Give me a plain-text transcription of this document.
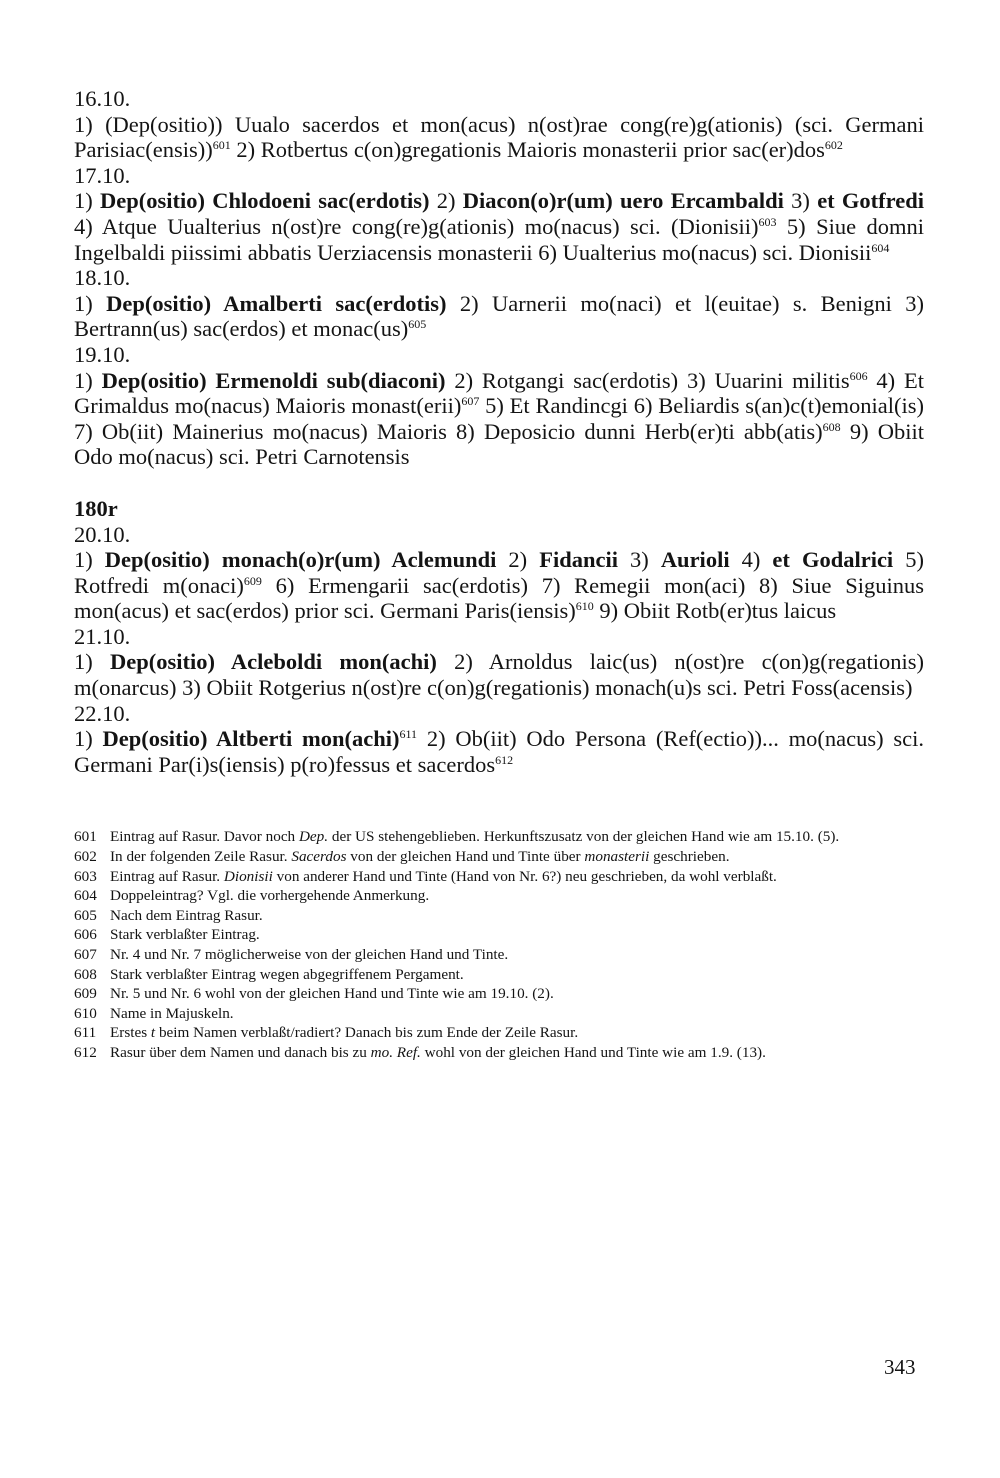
16.10.
1) (Dep(ositio)) Uualo sacerdos et mon(acus) n(ost)rae cong(re)g(ationis) (sci. Germani Parisiac(ensis))$^{601}$ 2) Rotbertus c(on)gregationis Maioris monasterii prior sac(er)dos$^{602}$
17.10.
1) Dep(ositio) Chlodoeni sac(erdotis) 2) Diacon(o)r(um) uero Ercambaldi 3) et Gotfredi 4) Atque Uualterius n(ost)re cong(re)g(ationis) mo(nacus) sci. (Dionisii)$^{603}$ 5) Siue domni Ingelbaldi piissimi abbatis Uerziacensis monasterii 6) Uualterius mo(nacus) sci. Dionisii$^{604}$
18.10.
1) Dep(ositio) Amalberti sac(erdotis) 2) Uarnerii mo(naci) et l(euitae) s. Benigni 3) Bertrann(us) sac(erdos) et monac(us)$^{605}$
19.10.
1) Dep(ositio) Ermenoldi sub(diaconi) 2) Rotgangi sac(erdotis) 3) Uuarini militis$^{606}$ 4) Et Grimaldus mo(nacus) Maioris monast(erii)$^{607}$ 5) Et Randincgi 6) Beliardis s(an)c(t)emonial(is) 7) Ob(iit) Mainerius mo(nacus) Maioris 8) Deposicio dunni Herb(er)ti abb(atis)$^{608}$ 9) Obiit Odo mo(nacus) sci. Petri Carnotensis
180r
20.10.
1) Dep(ositio) monach(o)r(um) Aclemundi 2) Fidancii 3) Aurioli 4) et Godalrici 5) Rotfredi m(onaci)$^{609}$ 6) Ermengarii sac(erdotis) 7) Remegii mon(aci) 8) Siue Siguinus mon(acus) et sac(erdos) prior sci. Germani Paris(iensis)$^{610}$ 9) Obiit Rotb(er)tus laicus
21.10.
1) Dep(ositio) Acleboldi mon(achi) 2) Arnoldus laic(us) n(ost)re c(on)g(regationis) m(onarcus) 3) Obiit Rotgerius n(ost)re c(on)g(regationis) monach(u)s sci. Petri Foss(acensis)
22.10.
1) Dep(ositio) Altberti mon(achi)$^{611}$ 2) Ob(iit) Odo Persona (Ref(ectio))... mo(nacus) sci. Germani Par(i)s(iensis) p(ro)fessus et sacerdos$^{612}$
601 Eintrag auf Rasur. Davor noch Dep. der US stehengeblieben. Herkunftszusatz von der gleichen Hand wie am 15.10. (5).
602 In der folgenden Zeile Rasur. Sacerdos von der gleichen Hand und Tinte über monasterii geschrieben.
603 Eintrag auf Rasur. Dionisii von anderer Hand und Tinte (Hand von Nr. 6?) neu geschrieben, da wohl verblaßt.
604 Doppeleintrag? Vgl. die vorhergehende Anmerkung.
605 Nach dem Eintrag Rasur.
606 Stark verblaßter Eintrag.
607 Nr. 4 und Nr. 7 möglicherweise von der gleichen Hand und Tinte.
608 Stark verblaßter Eintrag wegen abgegriffenem Pergament.
609 Nr. 5 und Nr. 6 wohl von der gleichen Hand und Tinte wie am 19.10. (2).
610 Name in Majuskeln.
611 Erstes t beim Namen verblaßt/radiert? Danach bis zum Ende der Zeile Rasur.
612 Rasur über dem Namen und danach bis zu mo. Ref. wohl von der gleichen Hand und Tinte wie am 1.9. (13).
343
